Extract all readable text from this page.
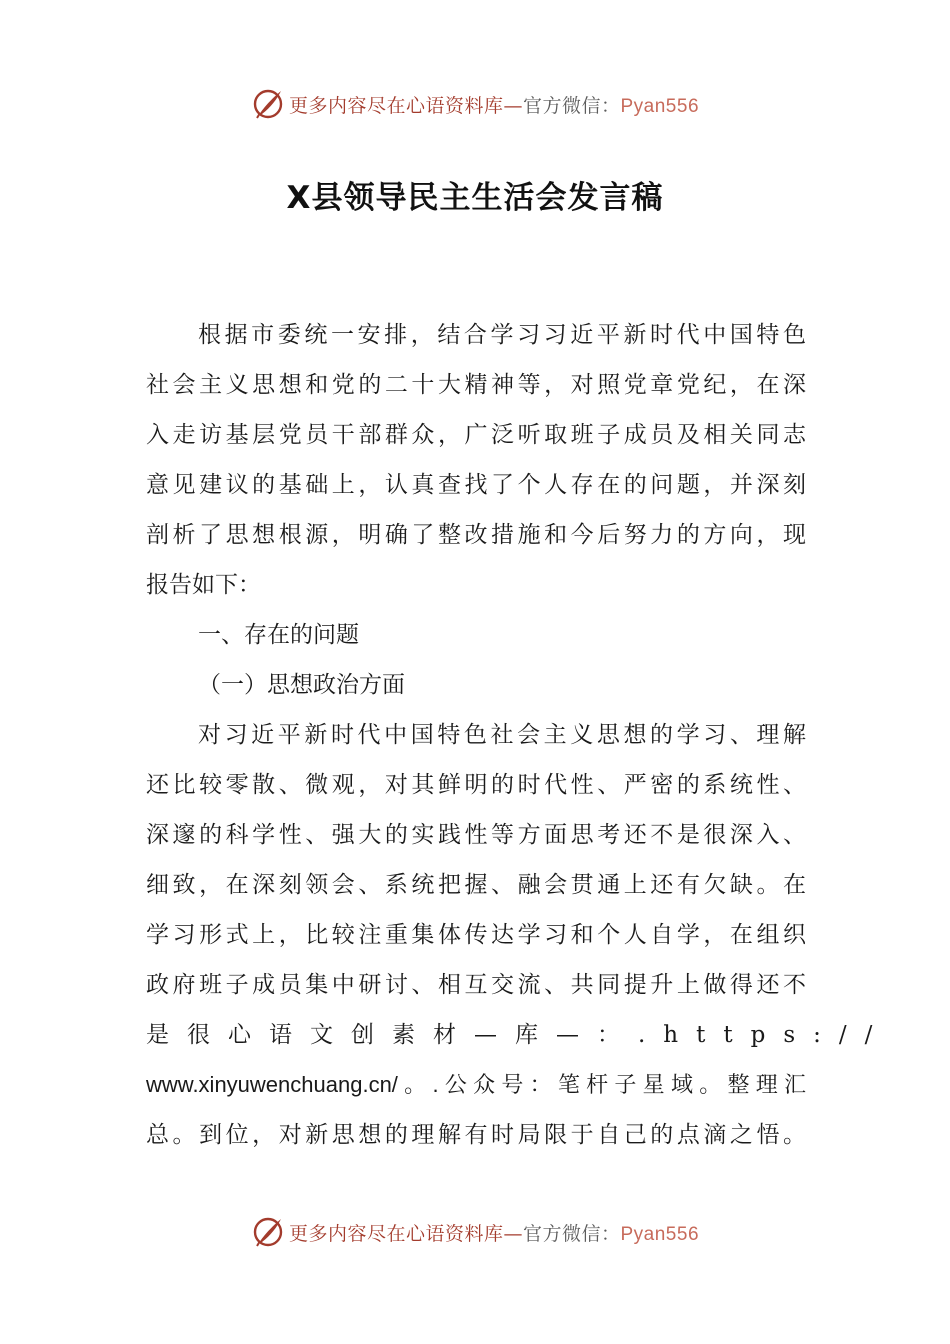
更多内容尽在心语资料库—官方微信：Pyan556
X县领导民主生活会发言稿
根据市委统一安排，结合学习习近平新时代中国特色
社会主义思想和党的二十大精神等，对照党章党纪，在深
入走访基层党员干部群众，广泛听取班子成员及相关同志
意见建议的基础上，认真查找了个人存在的问题，并深刻
剖析了思想根源，明确了整改措施和今后努力的方向，现
报告如下：
一、存在的问题
（一）思想政治方面
对习近平新时代中国特色社会主义思想的学习、理解
还比较零散、微观，对其鲜明的时代性、严密的系统性、
深邃的科学性、强大的实践性等方面思考还不是很深入、
细致，在深刻领会、系统把握、融会贯通上还有欠缺。在
学习形式上，比较注重集体传达学习和个人自学，在组织
政府班子成员集中研讨、相互交流、共同提升上做得还不
是很心语文创素材—库—：.https://
www.xinyuwenchuang.cn/。.公众号：笔杆子星域。整理汇
总。到位，对新思想的理解有时局限于自己的点滴之悟。
更多内容尽在心语资料库—官方微信：Pyan556
